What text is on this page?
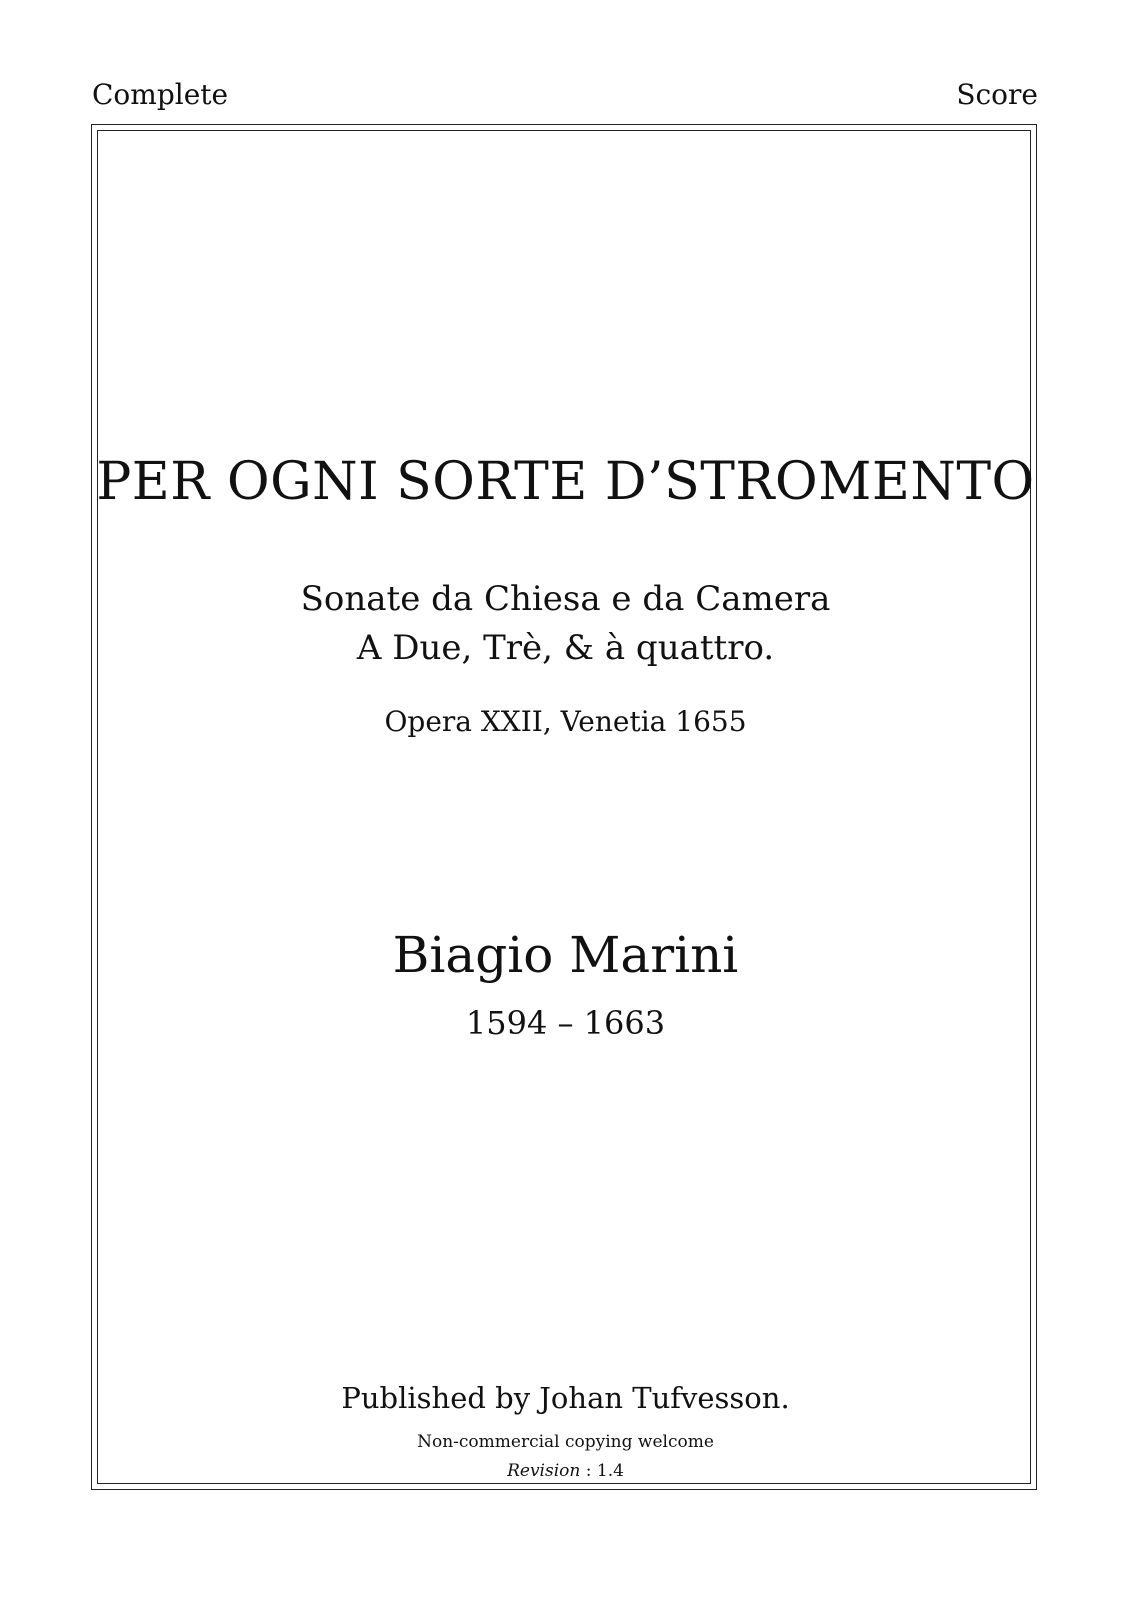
Complete	Score
PER OGNI SORTE D’STROMENTO
Sonate da Chiesa e da Camera
A Due, Trè, & à quattro.
Opera XXII, Venetia 1655
Biagio Marini
1594 – 1663
Published by Johan Tufvesson.
Non-commercial copying welcome
Revision : 1.4
